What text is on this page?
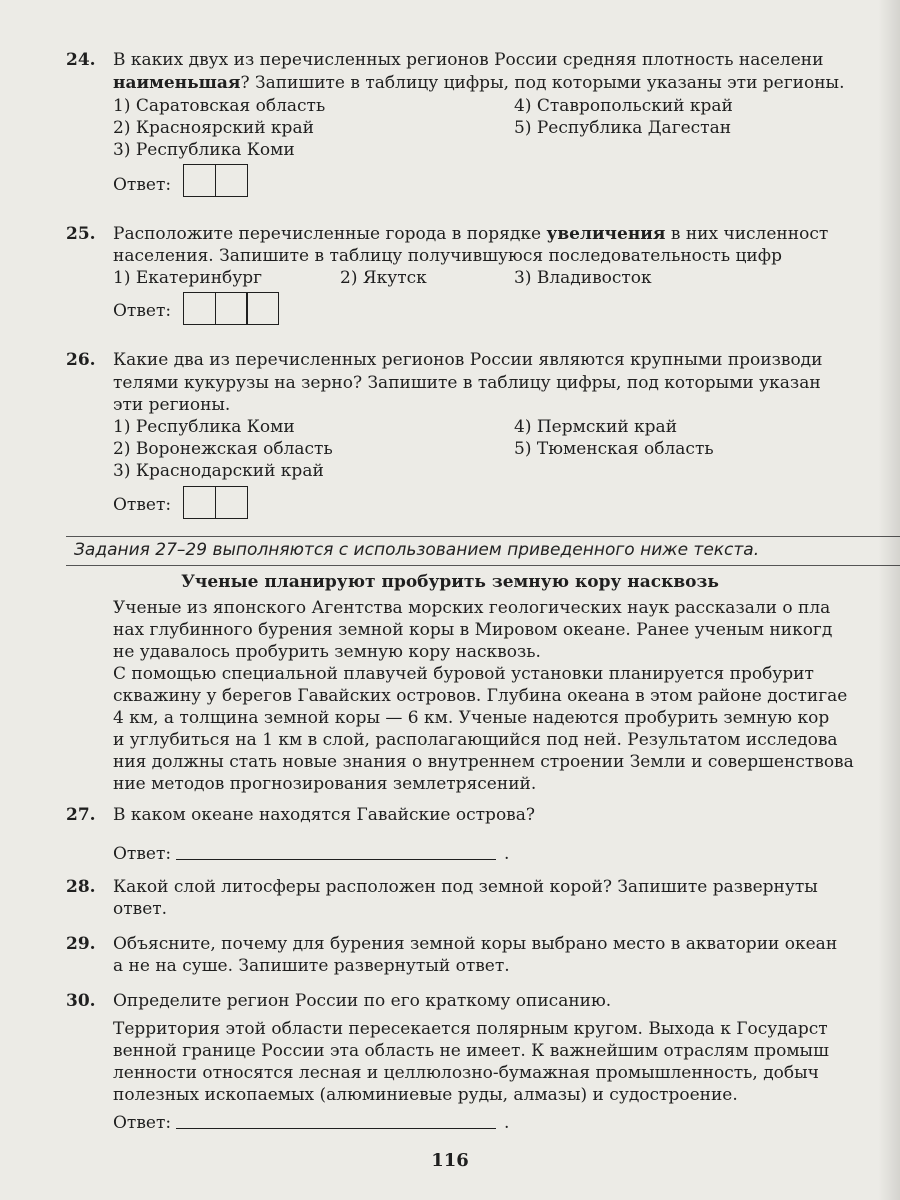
24. В каких двух из перечисленных регионов России средняя плотность населени
наименьшая? Запишите в таблицу цифры, под которыми указаны эти регионы.
1) Саратовская область
2) Красноярский край
3) Республика Коми
4) Ставропольский край
5) Республика Дагестан
Ответ:
25. Расположите перечисленные города в порядке увеличения в них численност
населения. Запишите в таблицу получившуюся последовательность цифр
1) Екатеринбург	2) Якутск	3) Владивосток
Ответ:
26. Какие два из перечисленных регионов России являются крупными производи
телями кукурузы на зерно? Запишите в таблицу цифры, под которыми указан
эти регионы.
1) Республика Коми
2) Воронежская область
3) Краснодарский край
4) Пермский край
5) Тюменская область
Ответ:
Задания 27–29 выполняются с использованием приведенного ниже текста.
Ученые планируют пробурить земную кору насквозь
Ученые из японского Агентства морских геологических наук рассказали о пла
нах глубинного бурения земной коры в Мировом океане. Ранее ученым никогд
не удавалось пробурить земную кору насквозь.
С помощью специальной плавучей буровой установки планируется пробурит
скважину у берегов Гавайских островов. Глубина океана в этом районе достигае
4 км, а толщина земной коры — 6 км. Ученые надеются пробурить земную кор
и углубиться на 1 км в слой, располагающийся под ней. Результатом исследова
ния должны стать новые знания о внутреннем строении Земли и совершенствова
ние методов прогнозирования землетрясений.
27. В каком океане находятся Гавайские острова?
Ответ:	.
28. Какой слой литосферы расположен под земной корой? Запишите развернуты
ответ.
29. Объясните, почему для бурения земной коры выбрано место в акватории океан
а не на суше. Запишите развернутый ответ.
30. Определите регион России по его краткому описанию.
Территория этой области пересекается полярным кругом. Выхода к Государст
венной границе России эта область не имеет. К важнейшим отраслям промыш
ленности относятся лесная и целлюлозно-бумажная промышленность, добыч
полезных ископаемых (алюминиевые руды, алмазы) и судостроение.
Ответ:	.
116
